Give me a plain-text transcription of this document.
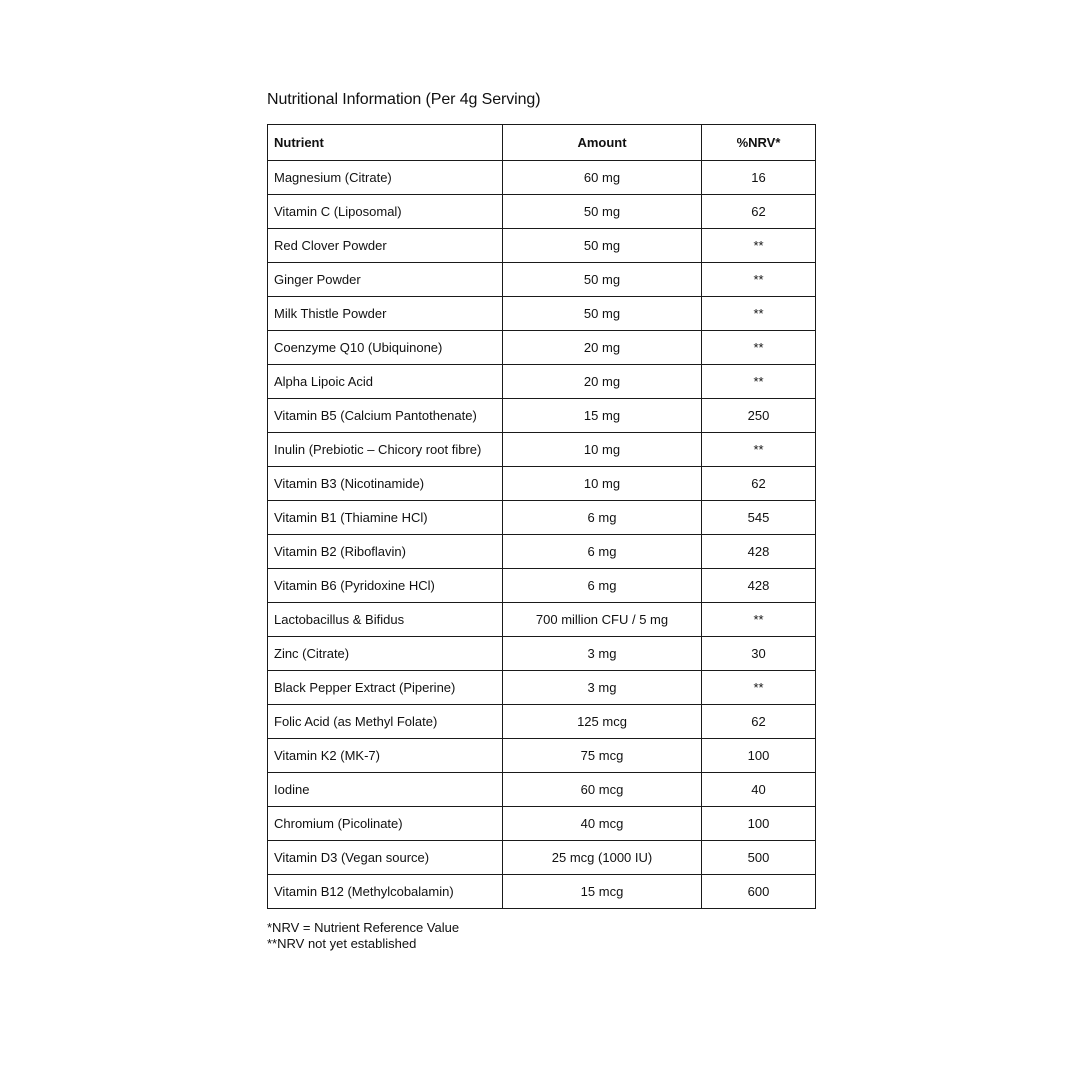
Nutritional Information (Per 4g Serving)
Nutrient	Amount	%NRV*
Magnesium (Citrate)	60 mg	16
Vitamin C (Liposomal)	50 mg	62
Red Clover Powder	50 mg	**
Ginger Powder	50 mg	**
Milk Thistle Powder	50 mg	**
Coenzyme Q10 (Ubiquinone)	20 mg	**
Alpha Lipoic Acid	20 mg	**
Vitamin B5 (Calcium Pantothenate)	15 mg	250
Inulin (Prebiotic – Chicory root fibre)	10 mg	**
Vitamin B3 (Nicotinamide)	10 mg	62
Vitamin B1 (Thiamine HCl)	6 mg	545
Vitamin B2 (Riboflavin)	6 mg	428
Vitamin B6 (Pyridoxine HCl)	6 mg	428
Lactobacillus & Bifidus	700 million CFU / 5 mg	**
Zinc (Citrate)	3 mg	30
Black Pepper Extract (Piperine)	3 mg	**
Folic Acid (as Methyl Folate)	125 mcg	62
Vitamin K2 (MK-7)	75 mcg	100
Iodine	60 mcg	40
Chromium (Picolinate)	40 mcg	100
Vitamin D3 (Vegan source)	25 mcg (1000 IU)	500
Vitamin B12 (Methylcobalamin)	15 mcg	600
*NRV = Nutrient Reference Value
**NRV not yet established
